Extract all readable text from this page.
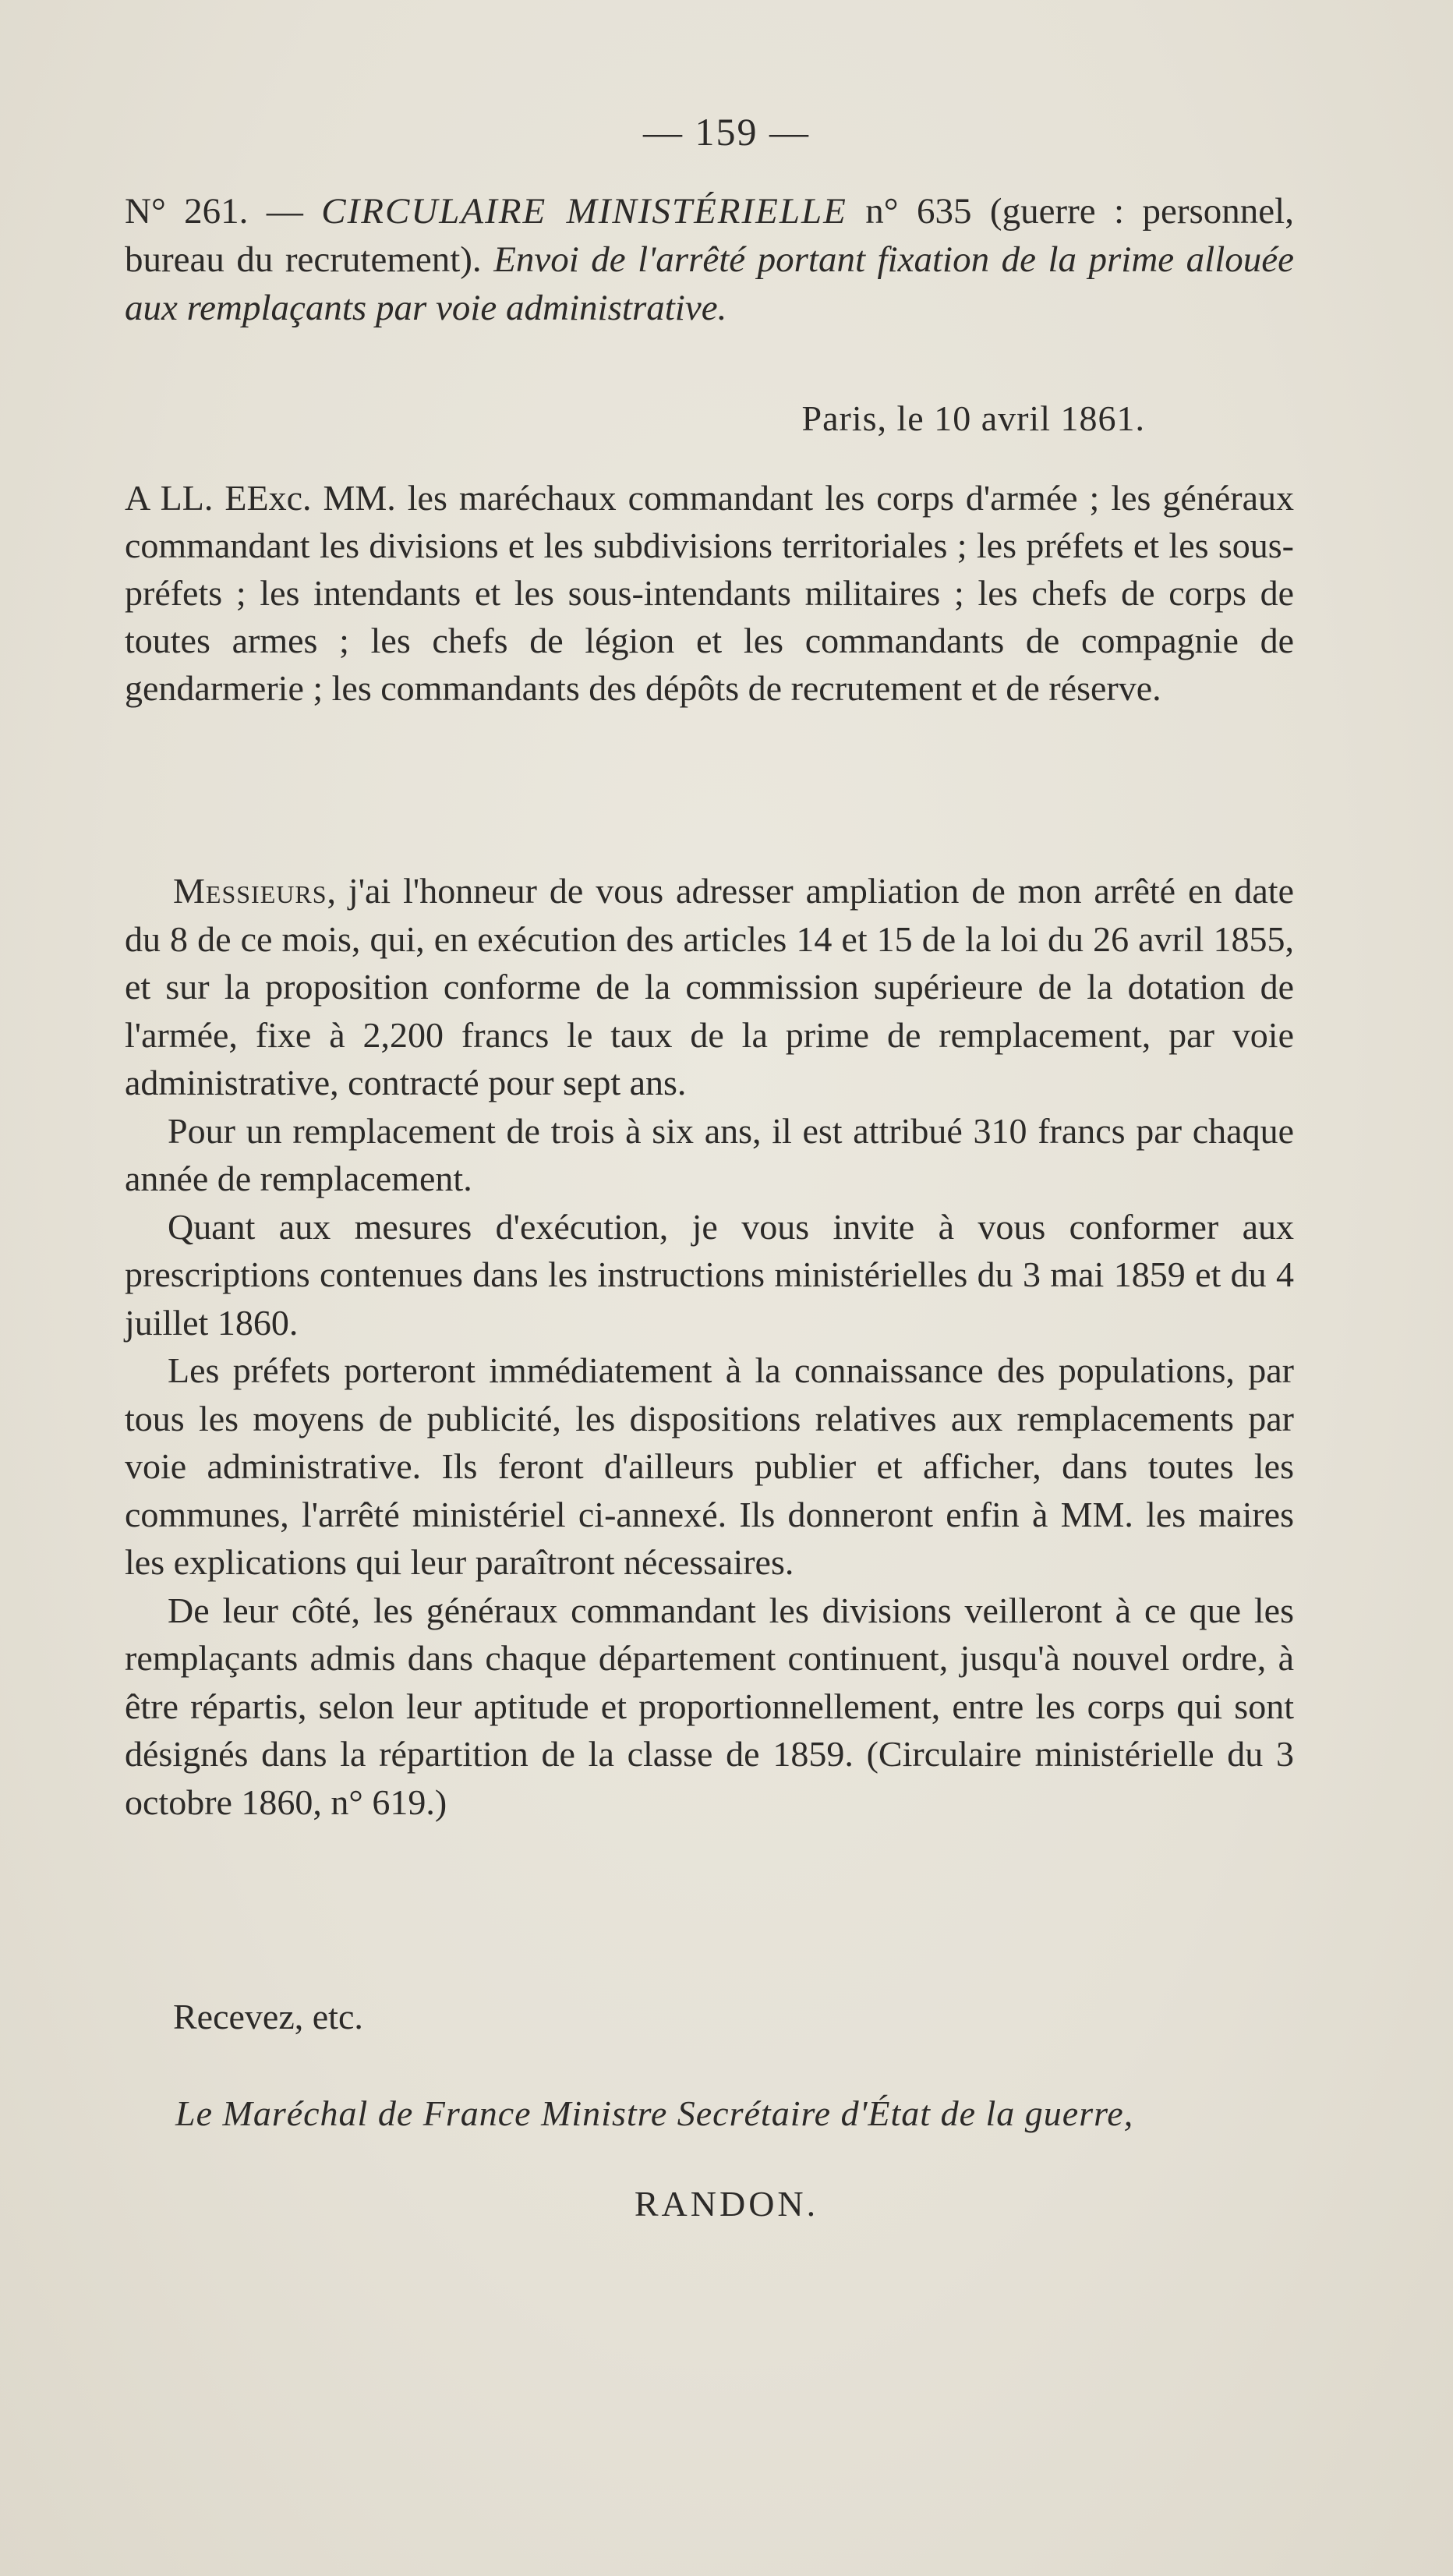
— 159 —
N° 261. — CIRCULAIRE MINISTÉRIELLE n° 635 (guerre : personnel, bureau du recrutement). Envoi de l'arrêté portant fixation de la prime allouée aux remplaçants par voie administrative.
Paris, le 10 avril 1861.
A LL. EExc. MM. les maréchaux commandant les corps d'armée ; les généraux commandant les divisions et les subdivisions territoriales ; les préfets et les sous-préfets ; les intendants et les sous-intendants militaires ; les chefs de corps de toutes armes ; les chefs de légion et les commandants de compagnie de gendarmerie ; les commandants des dépôts de recrutement et de réserve.

Messieurs, j'ai l'honneur de vous adresser ampliation de mon arrêté en date du 8 de ce mois, qui, en exécution des articles 14 et 15 de la loi du 26 avril 1855, et sur la proposition conforme de la commission supérieure de la dotation de l'armée, fixe à 2,200 francs le taux de la prime de remplacement, par voie administrative, contracté pour sept ans.

Pour un remplacement de trois à six ans, il est attribué 310 francs par chaque année de remplacement.

Quant aux mesures d'exécution, je vous invite à vous conformer aux prescriptions contenues dans les instructions ministérielles du 3 mai 1859 et du 4 juillet 1860.

Les préfets porteront immédiatement à la connaissance des populations, par tous les moyens de publicité, les dispositions relatives aux remplacements par voie administrative. Ils feront d'ailleurs publier et afficher, dans toutes les communes, l'arrêté ministériel ci-annexé. Ils donneront enfin à MM. les maires les explications qui leur paraîtront nécessaires.

De leur côté, les généraux commandant les divisions veilleront à ce que les remplaçants admis dans chaque département continuent, jusqu'à nouvel ordre, à être répartis, selon leur aptitude et proportionnellement, entre les corps qui sont désignés dans la répartition de la classe de 1859. (Circulaire ministérielle du 3 octobre 1860, n° 619.)

Recevez, etc.
Le Maréchal de France Ministre Secrétaire d'État de la guerre,
RANDON.
